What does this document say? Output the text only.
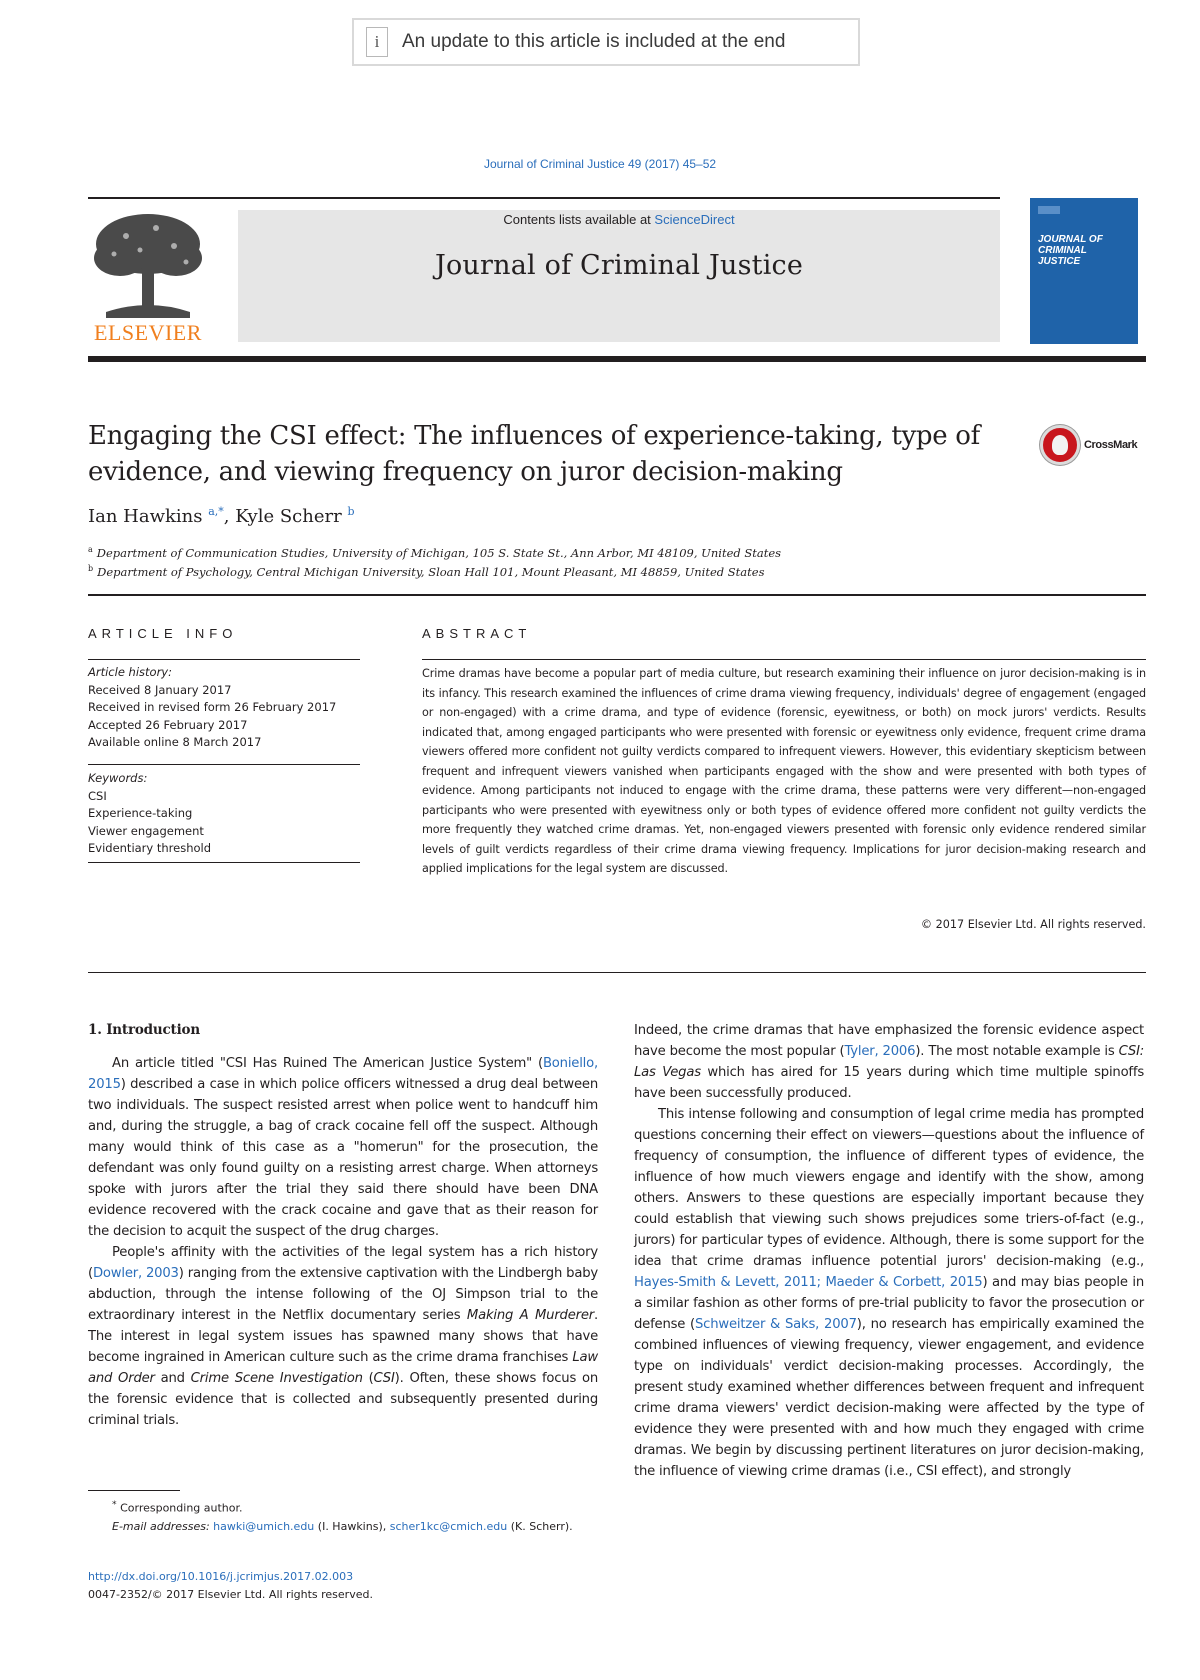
i	An update to this article is included at the end
Journal of Criminal Justice 49 (2017) 45–52
ELSEVIER
Contents lists available at ScienceDirect
Journal of Criminal Justice
JOURNAL OF CRIMINAL JUSTICE
Engaging the CSI effect: The influences of experience-taking, type of
evidence, and viewing frequency on juror decision-making
CrossMark
Ian Hawkins $^{a,*}$, Kyle Scherr $^b$
$^a$ Department of Communication Studies, University of Michigan, 105 S. State St., Ann Arbor, MI 48109, United States
$^b$ Department of Psychology, Central Michigan University, Sloan Hall 101, Mount Pleasant, MI 48859, United States
ARTICLE INFO	ABSTRACT
Article history:
Received 8 January 2017
Received in revised form 26 February 2017
Accepted 26 February 2017
Available online 8 March 2017
Keywords:
CSI
Experience-taking
Viewer engagement
Evidentiary threshold
Crime dramas have become a popular part of media culture, but research examining their influence on juror decision-making is in its infancy. This research examined the influences of crime drama viewing frequency, individuals' degree of engagement (engaged or non-engaged) with a crime drama, and type of evidence (forensic, eyewitness, or both) on mock jurors' verdicts. Results indicated that, among engaged participants who were presented with forensic or eyewitness only evidence, frequent crime drama viewers offered more confident not guilty verdicts compared to infrequent viewers. However, this evidentiary skepticism between frequent and infrequent viewers vanished when participants engaged with the show and were presented with both types of evidence. Among participants not induced to engage with the crime drama, these patterns were very different—non-engaged participants who were presented with eyewitness only or both types of evidence offered more confident not guilty verdicts the more frequently they watched crime dramas. Yet, non-engaged viewers presented with forensic only evidence rendered similar levels of guilt verdicts regardless of their crime drama viewing frequency. Implications for juror decision-making research and applied implications for the legal system are discussed.
© 2017 Elsevier Ltd. All rights reserved.
1. Introduction

An article titled "CSI Has Ruined The American Justice System" (Boniello, 2015) described a case in which police officers witnessed a drug deal between two individuals. The suspect resisted arrest when police went to handcuff him and, during the struggle, a bag of crack cocaine fell off the suspect. Although many would think of this case as a "homerun" for the prosecution, the defendant was only found guilty on a resisting arrest charge. When attorneys spoke with jurors after the trial they said there should have been DNA evidence recovered with the crack cocaine and gave that as their reason for the decision to acquit the suspect of the drug charges.

People's affinity with the activities of the legal system has a rich history (Dowler, 2003) ranging from the extensive captivation with the Lindbergh baby abduction, through the intense following of the OJ Simpson trial to the extraordinary interest in the Netflix documentary series Making A Murderer. The interest in legal system issues has spawned many shows that have become ingrained in American culture such as the crime drama franchises Law and Order and Crime Scene Investigation (CSI). Often, these shows focus on the forensic evidence that is collected and subsequently presented during criminal trials.

Indeed, the crime dramas that have emphasized the forensic evidence aspect have become the most popular (Tyler, 2006). The most notable example is CSI: Las Vegas which has aired for 15 years during which time multiple spinoffs have been successfully produced.

This intense following and consumption of legal crime media has prompted questions concerning their effect on viewers—questions about the influence of frequency of consumption, the influence of different types of evidence, the influence of how much viewers engage and identify with the show, among others. Answers to these questions are especially important because they could establish that viewing such shows prejudices some triers-of-fact (e.g., jurors) for particular types of evidence. Although, there is some support for the idea that crime dramas influence potential jurors' decision-making (e.g., Hayes-Smith & Levett, 2011; Maeder & Corbett, 2015) and may bias people in a similar fashion as other forms of pre-trial publicity to favor the prosecution or defense (Schweitzer & Saks, 2007), no research has empirically examined the combined influences of viewing frequency, viewer engagement, and evidence type on individuals' verdict decision-making processes. Accordingly, the present study examined whether differences between frequent and infrequent crime drama viewers' verdict decision-making were affected by the type of evidence they were presented with and how much they engaged with crime dramas. We begin by discussing pertinent literatures on juror decision-making, the influence of viewing crime dramas (i.e., CSI effect), and strongly

* Corresponding author.
E-mail addresses: hawki@umich.edu (I. Hawkins), scher1kc@cmich.edu (K. Scherr).
http://dx.doi.org/10.1016/j.jcrimjus.2017.02.003
0047-2352/© 2017 Elsevier Ltd. All rights reserved.
